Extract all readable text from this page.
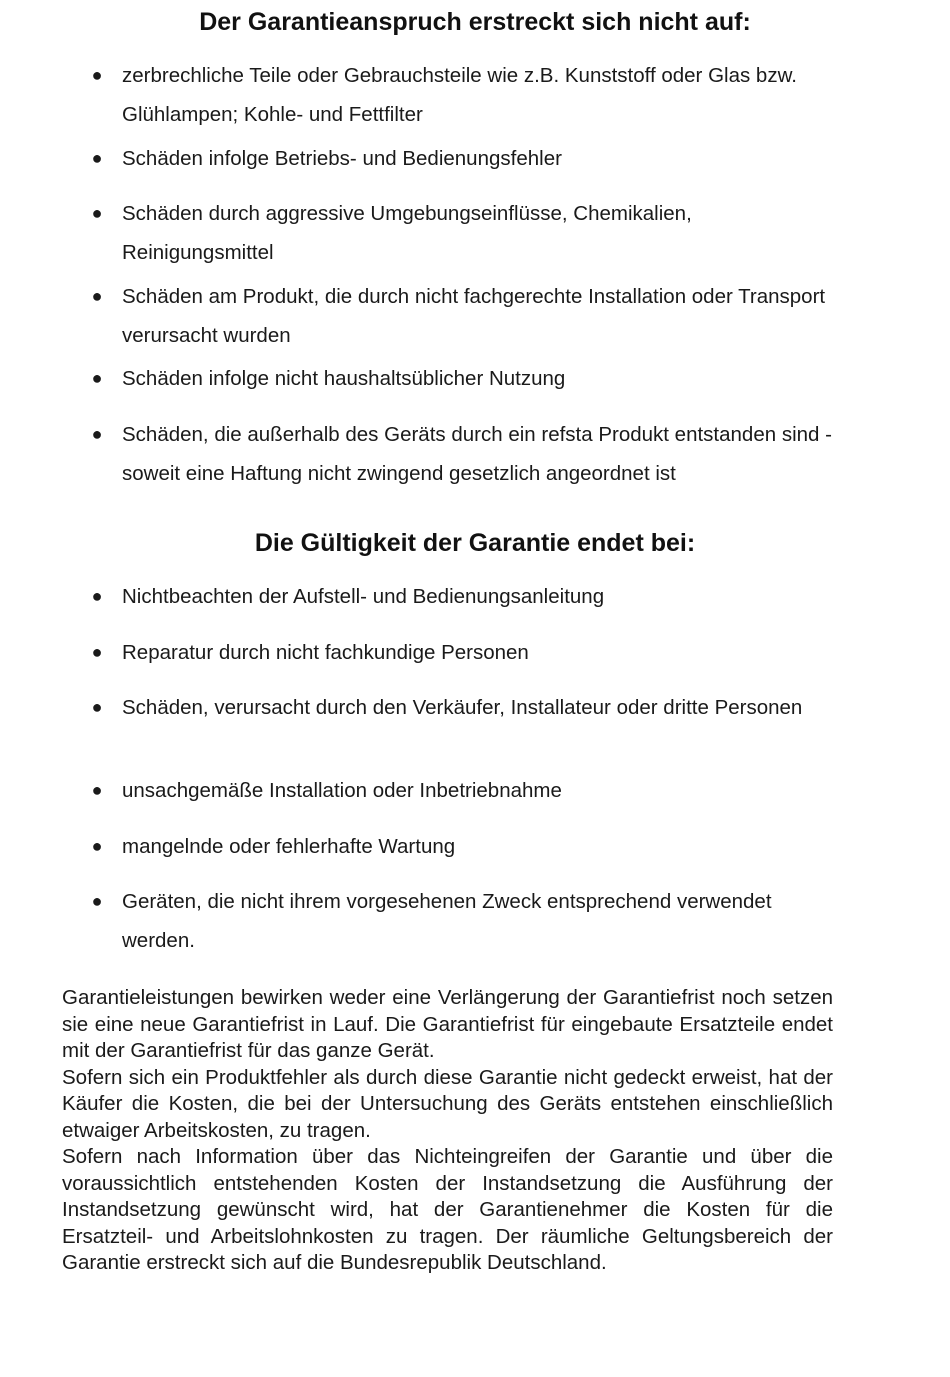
Der Garantieanspruch erstreckt sich nicht auf:
● zerbrechliche Teile oder Gebrauchsteile wie z.B. Kunststoff oder Glas bzw. Glühlampen; Kohle- und Fettfilter
● Schäden infolge Betriebs- und Bedienungsfehler
● Schäden durch aggressive Umgebungseinflüsse, Chemikalien, Reinigungsmittel
● Schäden am Produkt, die durch nicht fachgerechte Installation oder Transport verursacht wurden
● Schäden infolge nicht haushaltsüblicher Nutzung
● Schäden, die außerhalb des Geräts durch ein refsta Produkt entstanden sind - soweit eine Haftung nicht zwingend gesetzlich angeordnet ist
Die Gültigkeit der Garantie endet bei:
● Nichtbeachten der Aufstell- und Bedienungsanleitung
● Reparatur durch nicht fachkundige Personen
● Schäden, verursacht durch den Verkäufer, Installateur oder dritte Personen
● unsachgemäße Installation oder Inbetriebnahme
● mangelnde oder fehlerhafte Wartung
● Geräten, die nicht ihrem vorgesehenen Zweck entsprechend verwendet werden.

Garantieleistungen bewirken weder eine Verlängerung der Garantiefrist noch setzen sie eine neue Garantiefrist in Lauf. Die Garantiefrist für eingebaute Ersatzteile endet mit der Garantiefrist für das ganze Gerät.

Sofern sich ein Produktfehler als durch diese Garantie nicht gedeckt erweist, hat der Käufer die Kosten, die bei der Untersuchung des Geräts entstehen einschließlich etwaiger Arbeitskosten, zu tragen.

Sofern nach Information über das Nichteingreifen der Garantie und über die voraussichtlich entstehenden Kosten der Instandsetzung die Ausführung der Instandsetzung gewünscht wird, hat der Garantienehmer die Kosten für die Ersatzteil- und Arbeitslohnkosten zu tragen. Der räumliche Geltungsbereich der Garantie erstreckt sich auf die Bundesrepublik Deutschland.
